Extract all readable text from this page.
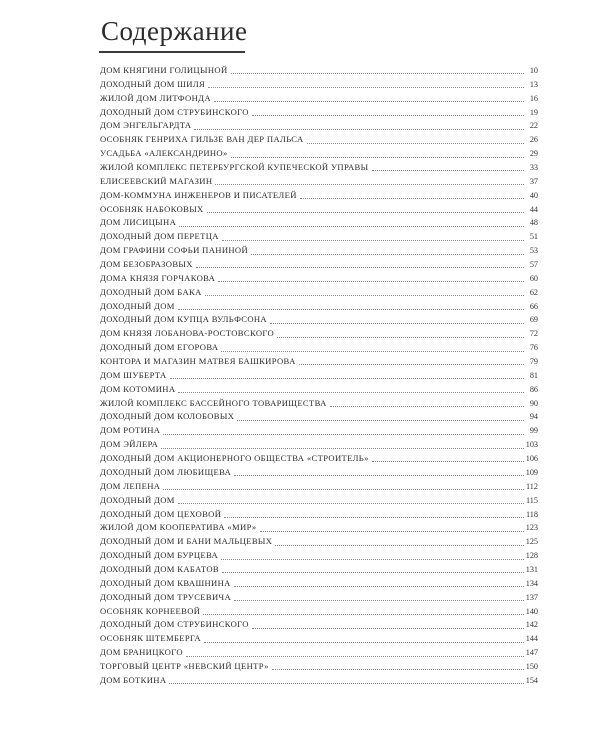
Содержание
ДОМ КНЯГИНИ ГОЛИЦЫНОЙ	10
ДОХОДНЫЙ ДОМ ШИЛЯ	13
ЖИЛОЙ ДОМ ЛИТФОНДА	16
ДОХОДНЫЙ ДОМ СТРУБИНСКОГО	19
ДОМ ЭНГЕЛЬГАРДТА	22
ОСОБНЯК ГЕНРИХА ГИЛЬЗЕ ВАН ДЕР ПАЛЬСА	26
УСАДЬБА «АЛЕКСАНДРИНО»	29
ЖИЛОЙ КОМПЛЕКС ПЕТЕРБУРГСКОЙ КУПЕЧЕСКОЙ УПРАВЫ	33
ЕЛИСЕЕВСКИЙ МАГАЗИН	37
ДОМ-КОММУНА ИНЖЕНЕРОВ И ПИСАТЕЛЕЙ	40
ОСОБНЯК НАБОКОВЫХ	44
ДОМ ЛИСИЦЫНА	48
ДОХОДНЫЙ ДОМ ПЕРЕТЦА	51
ДОМ ГРАФИНИ СОФЬИ ПАНИНОЙ	53
ДОМ БЕЗОБРАЗОВЫХ	57
ДОМА КНЯЗЯ ГОРЧАКОВА	60
ДОХОДНЫЙ ДОМ БАКА	62
ДОХОДНЫЙ ДОМ	66
ДОХОДНЫЙ ДОМ КУПЦА ВУЛЬФСОНА	69
ДОМ КНЯЗЯ ЛОБАНОВА-РОСТОВСКОГО	72
ДОХОДНЫЙ ДОМ ЕГОРОВА	76
КОНТОРА И МАГАЗИН МАТВЕЯ БАШКИРОВА	79
ДОМ ШУБЕРТА	81
ДОМ КОТОМИНА	86
ЖИЛОЙ КОМПЛЕКС БАССЕЙНОГО ТОВАРИЩЕСТВА	90
ДОХОДНЫЙ ДОМ КОЛОБОВЫХ	94
ДОМ РОТИНА	99
ДОМ ЭЙЛЕРА	103
ДОХОДНЫЙ ДОМ АКЦИОНЕРНОГО ОБЩЕСТВА «СТРОИТЕЛЬ»	106
ДОХОДНЫЙ ДОМ ЛЮБИЩЕВА	109
ДОМ ЛЕПЕНА	112
ДОХОДНЫЙ ДОМ	115
ДОХОДНЫЙ ДОМ ЦЕХОВОЙ	118
ЖИЛОЙ ДОМ КООПЕРАТИВА «МИР»	123
ДОХОДНЫЙ ДОМ И БАНИ МАЛЬЦЕВЫХ	125
ДОХОДНЫЙ ДОМ БУРЦЕВА	128
ДОХОДНЫЙ ДОМ КАБАТОВ	131
ДОХОДНЫЙ ДОМ КВАШНИНА	134
ДОХОДНЫЙ ДОМ ТРУСЕВИЧА	137
ОСОБНЯК КОРНЕЕВОЙ	140
ДОХОДНЫЙ ДОМ СТРУБИНСКОГО	142
ОСОБНЯК ШТЕМБЕРГА	144
ДОМ БРАНИЦКОГО	147
ТОРГОВЫЙ ЦЕНТР «НЕВСКИЙ ЦЕНТР»	150
ДОМ БОТКИНА	154
